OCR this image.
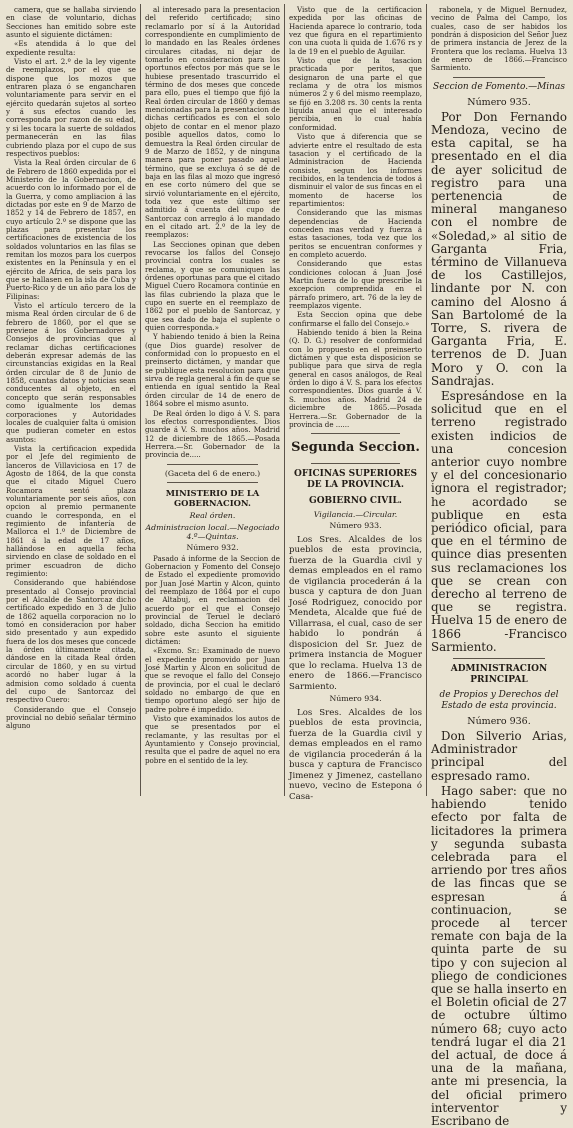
camera, que se hallaba sirviendo en clase de voluntario, dichas Secciones han emitido sobre este asunto el siguiente dictámen:

«Es atendida á lo que del expediente resulta:

Visto el art. 2.º de la ley vigente de reemplazos, por el que se dispone que los mozos que entraren plaza ó se engancharen voluntariamente para servir en el ejército quedarán sujetos al sorteo y á sus efectos cuando les corresponda por razon de su edad, y si les tocara la suerte de soldados permanecerán en las filas cubriendo plaza por el cupo de sus respectivos pueblos:

Vista la Real órden circular de 6 de Febrero de 1860 expedida por el Ministerio de la Gobernacion, de acuerdo con lo informado por el de la Guerra, y como ampliacion á las dictadas por este en 9 de Marzo de 1852 y 14 de Febrero de 1857, en cuyo artículo 2.º se dispone que las plazas para presentar los certificaciones de existencia de los soldados voluntarios en las filas se remitan los mozos para los cuerpos existentes en la Península y en el ejército de Africa, de seis para los que se hallasen en la isla de Cuba y Puerto-Rico y de un año para los de Filipinas:

Visto el artículo tercero de la misma Real órden circular de 6 de febrero de 1860, por el que se previene á los Gobernadores y Consejos de provincias que al reclamar dichas certificaciones deberán expresar además de las circunstancias exigidas en la Real órden circular de 8 de Junio de 1858, cuantas datos y noticias sean conducentes al objeto, en el concepto que serán responsables como igualmente los demas corporaciones y Autoridades locales de cualquier falta ú omision que pudieran cometer en estos asuntos:

Vista la certificacion expedida por el Jefe del regimiento de lanceros de Villaviciosa en 17 de Agosto de 1864, de la que consta que el citado Miguel Cuero Rocamora sentó plaza voluntariamente por seis años, con opcion al premio permanente cuando le corresponda, en el regimiento de infantería de Mallorca el 1.º de Diciembre de 1861 á la edad de 17 años, hallándose en aquella fecha sirviendo en clase de soldado en el primer escuadron de dicho regimiento:

Considerando que habiéndose presentado al Consejo provincial por el Alcalde de Santorcaz dicho certificado expedido en 3 de Julio de 1862 aquella corporacion no lo tomó en consideracion por haber sido presentado y aun expedido fuera de los dos meses que concede la órden últimamente citada, dándose en la citada Real órden circular de 1860, y en su virtud acordó no haber lugar á la admision como soldado á cuenta del cupo de Santorcaz del respectivo Cuero:

Considerando que el Consejo provincial no debió señalar término alguno

al interesado para la presentacion del referido certificado; sino reclamarlo por sí á la Autoridad correspondiente en cumplimiento de lo mandado en las Reales órdenes circulares citadas, ni dejar de tomarlo en consideracion para los oportunos efectos por más que se le hubiese presentado trascurrido el término de dos meses que concede para ello, pues el tiempo que fijó la Real órden circular de 1860 y demas mencionadas para la presentacion de dichas certificados es con el solo objeto de contar en el menor plazo posible aquellos datos, como lo demuestra la Real órden circular de 9 de Marzo de 1852, y de ninguna manera para poner pasado aquel término, que se excluya ó se dé de baja en las filas al mozo que ingresó en ese corto número del que se sirvió voluntariamente en el ejército, toda vez que este último ser admitido á cuenta del cupo de Santorcaz con arreglo á lo mandado en el citado art. 2.º de la ley de reemplazos:

Las Secciones opinan que deben revocarse los fallos del Consejo provincial contra los cuales se reclama, y que se comuniquen las órdenes oportunas para que el citado Miguel Cuero Rocamora continúe en las filas cubriendo la plaza que le cupo en suerte en el reemplazo de 1862 por el pueblo de Santorcaz, y que sea dado de baja el suplente o quien corresponda.»

Y habiendo tenido á bien la Reina (que Dios guarde) resolver de conformidad con lo propuesto en el preinserto dictámen, y mandar que se publique esta resolucion para que sirva de regla general á fin de que se entienda en igual sentido la Real órden circular de 14 de enero de 1864 sobre el mismo asunto.

De Real órden lo digo á V. S. para los efectos correspondientes. Dios guarde á V. S. muchos años. Madrid 12 de diciembre de 1865.—Posada Herrera.—Sr. Gobernador de la provincia de.....

(Gaceta del 6 de enero.)
MINISTERIO DE LA GOBERNACION.
Real órden.
Administracion local.—Negociado 4.º—Quintas.
Número 932.

Pasado á informe de la Seccion de Gobernacion y Fomento del Consejo de Estado el expediente promovido por Juan José Martin y Alcon, quinto del reemplazo de 1864 por el cupo de Altabuj, en reclamacion del acuerdo por el que el Consejo provincial de Teruel le declaró soldado, dicha Seccion ha emitido sobre este asunto el siguiente dictámen:

«Excmo. Sr.: Examinado de nuevo el expediente promovido por Juan José Martin y Alcon en solicitud de que se revoque el fallo del Consejo de provincia, por el cual le declaró soldado no embargo de que en tiempo oportuno alegó ser hijo de padre pobre é impedido.

Visto que examinados los autos de que se presentados por el reclamante, y las resultas por el Ayuntamiento y Consejo provincial, resulta que el padre de aquel no era pobre en el sentido de la ley.

Visto que de la certificacion expedida por las oficinas de Hacienda aparece lo contrario, toda vez que figura en el repartimiento con una cuota li quida de 1.676 rs y la de 19 en el pueblo de Aguilar.

Visto que de la tasacion practicada por peritos, que designaron de una parte el que reclama y de otra los mismos números 2 y 6 del mismo reemplazo, se fijó en 3.208 rs. 30 cents la renta liquida anual que el interesado percibia, en lo cual había conformidad.

Visto que á diferencia que se advierte entre el resultado de esta tasacion y el certificado de la Administracion de Hacienda consiste, segun los informes recibidos, en la tendencia de todos á disminuir el valor de sus fincas en el momento de hacerse los repartimientos:

Considerando que las mismas dependencias de Hacienda conceden mas verdad y fuerza á estas tasaciones, toda vez que los peritos se encuentran conformes y en completo acuerdo.

Considerando que estas condiciones colocan á Juan José Martin fuera de lo que prescribe la excepcion comprendida en el párrafo primero, art. 76 de la ley de reemplazos vigente.

Esta Seccion opina que debe confirmarse el fallo del Consejo.»

Habiendo tenido á bien la Reina (Q. D. G.) resolver de conformidad con lo propuesto en el preinserto dictámen y que esta disposicion se publique para que sirva de regla general en casos análogos, de Real órden lo digo á V. S. para los efectos correspondientes. Dios guarde á V. S. muchos años. Madrid 24 de diciembre de 1865.—Posada Herrera.—Sr. Gobernador de la provincia de ......

Segunda Seccion.
OFICINAS SUPERIORES DE LA PROVINCIA.
GOBIERNO CIVIL.
Vigilancia.—Circular.
Número 933.

Los Sres. Alcaldes de los pueblos de esta provincia, fuerza de la Guardia civil y demas empleados en el ramo de vigilancia procederán á la busca y captura de don Juan José Rodriguez, conocido por Mendeta, Alcalde que fué de Villarrasa, el cual, caso de ser habido lo pondrán á disposicion del Sr. Juez de primera instancia de Moguer que lo reclama. Huelva 13 de enero de 1866.—Francisco Sarmiento.

Número 934.

Los Sres. Alcaldes de los pueblos de esta provincia, fuerza de la Guardia civil y demas empleados en el ramo de vigilancia procederán á la busca y captura de Francisco Jimenez y Jimenez, castellano nuevo, vecino de Estepona ó Casa-

rabonela, y de Miguel Bernudez, vecino de Palma del Campo, los cuales, caso de ser habidos los pondrán á disposicion del Señor Juez de primera instancia de Jerez de la Frontera que los reclama. Huelva 13 de enero de 1866.—Francisco Sarmiento.

Seccion de Fomento.—Minas
Número 935.

Por Don Fernando Mendoza, vecino de esta capital, se ha presentado en el dia de ayer solicitud de registro para una pertenencia de mineral manganeso con el nombre de «Soledad,» al sitio de Garganta Fria, término de Villanueva de los Castillejos, lindante por N. con camino del Alosno á San Bartolomé de la Torre, S. rivera de Garganta Fria, E. terrenos de D. Juan Moro y O. con la Sandrajas.

Espresándose en la solicitud que en el terreno registrado existen indicios de una concesion anterior cuyo nombre y el del concesionario ignora el registrador; he acordado se publique en esta periódico oficial, para que en el término de quince dias presenten sus reclamaciones los que se crean con derecho al terreno de que se registra. Huelva 15 de enero de 1866 -Francisco Sarmiento.

ADMINISTRACION PRINCIPAL
de Propios y Derechos del Estado de esta provincia.
Número 936.

Don Silverio Arias, Administrador principal del espresado ramo.

Hago saber: que no habiendo tenido efecto por falta de licitadores la primera y segunda subasta celebrada para el arriendo por tres años de las fincas que se espresan á continuacion, se procede al tercer remate con baja de la quinta parte de su tipo y con sujecion al pliego de condiciones que se halla inserto en el Boletin oficial de 27 de octubre último número 68; cuyo acto tendrá lugar el dia 21 del actual, de doce á una de la mañana, ante mi presencia, la del oficial primero interventor y Escribano de
